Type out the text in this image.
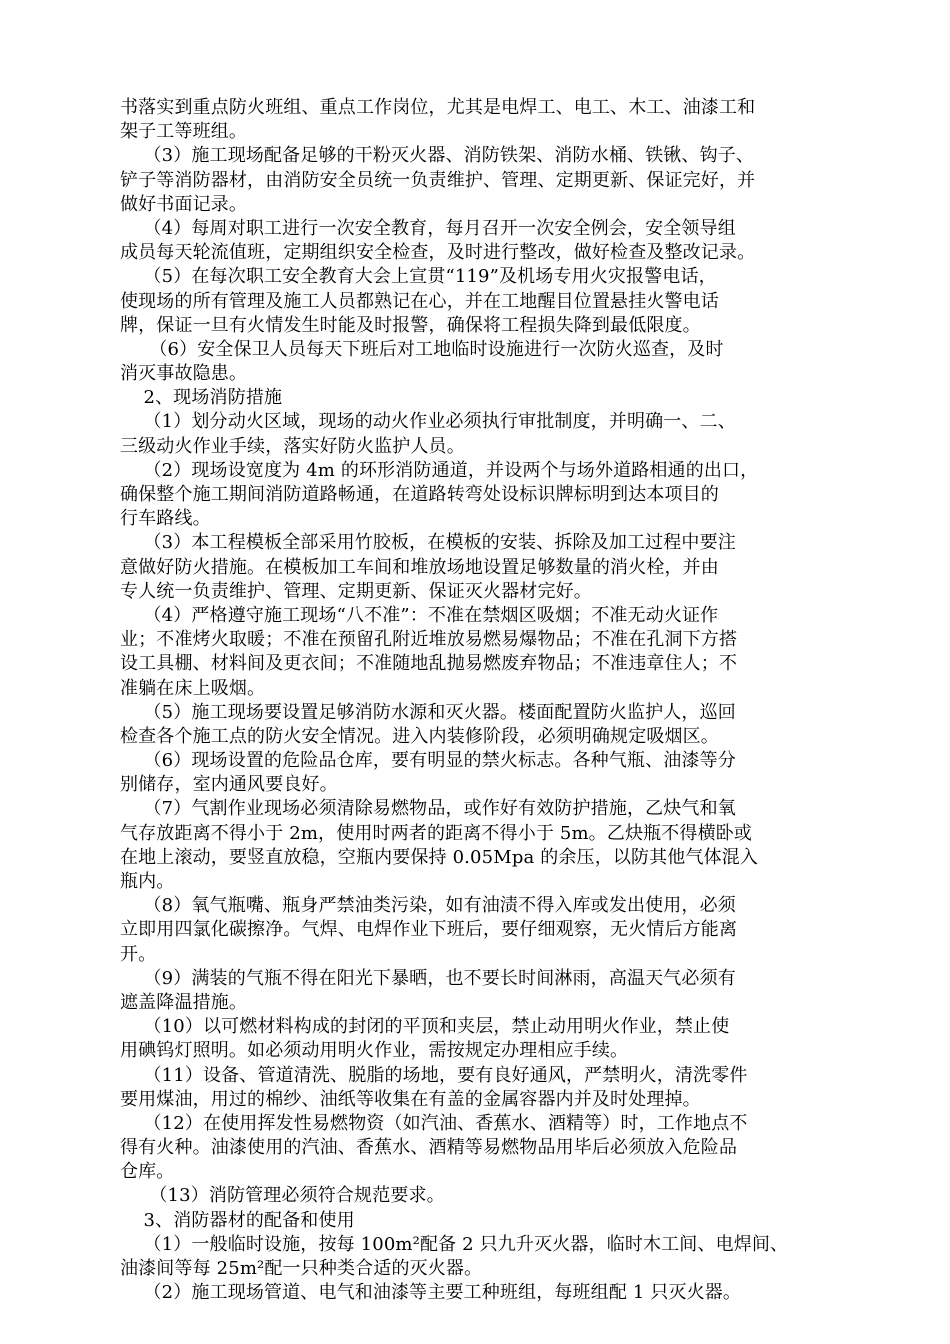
书落实到重点防火班组、重点工作岗位，尤其是电焊工、电工、木工、油漆工和
架子工等班组。
（3）施工现场配备足够的干粉灭火器、消防铁架、消防水桶、铁锹、钩子、
铲子等消防器材，由消防安全员统一负责维护、管理、定期更新、保证完好，并
做好书面记录。
（4）每周对职工进行一次安全教育，每月召开一次安全例会，安全领导组
成员每天轮流值班，定期组织安全检查，及时进行整改，做好检查及整改记录。
（5）在每次职工安全教育大会上宣贯“119”及机场专用火灾报警电话，
使现场的所有管理及施工人员都熟记在心，并在工地醒目位置悬挂火警电话
牌，保证一旦有火情发生时能及时报警，确保将工程损失降到最低限度。
（6）安全保卫人员每天下班后对工地临时设施进行一次防火巡查，及时
消灭事故隐患。
2、现场消防措施
（1）划分动火区域，现场的动火作业必须执行审批制度，并明确一、二、
三级动火作业手续，落实好防火监护人员。
（2）现场设宽度为 4m 的环形消防通道，并设两个与场外道路相通的出口，
确保整个施工期间消防道路畅通，在道路转弯处设标识牌标明到达本项目的
行车路线。
（3）本工程模板全部采用竹胶板，在模板的安装、拆除及加工过程中要注
意做好防火措施。在模板加工车间和堆放场地设置足够数量的消火栓，并由
专人统一负责维护、管理、定期更新、保证灭火器材完好。
（4）严格遵守施工现场“八不准”：不准在禁烟区吸烟；不准无动火证作
业；不准烤火取暖；不准在预留孔附近堆放易燃易爆物品；不准在孔洞下方搭
设工具棚、材料间及更衣间；不准随地乱抛易燃废弃物品；不准违章住人；不
准躺在床上吸烟。
（5）施工现场要设置足够消防水源和灭火器。楼面配置防火监护人，巡回
检查各个施工点的防火安全情况。进入内装修阶段，必须明确规定吸烟区。
（6）现场设置的危险品仓库，要有明显的禁火标志。各种气瓶、油漆等分
别储存，室内通风要良好。
（7）气割作业现场必须清除易燃物品，或作好有效防护措施，乙炔气和氧
气存放距离不得小于 2m，使用时两者的距离不得小于 5m。乙炔瓶不得横卧或
在地上滚动，要竖直放稳，空瓶内要保持 0.05Mpa 的余压，以防其他气体混入
瓶内。
（8）氧气瓶嘴、瓶身严禁油类污染，如有油渍不得入库或发出使用，必须
立即用四氯化碳擦净。气焊、电焊作业下班后，要仔细观察，无火情后方能离
开。
（9）满装的气瓶不得在阳光下暴晒，也不要长时间淋雨，高温天气必须有
遮盖降温措施。
（10）以可燃材料构成的封闭的平顶和夹层，禁止动用明火作业，禁止使
用碘钨灯照明。如必须动用明火作业，需按规定办理相应手续。
（11）设备、管道清洗、脱脂的场地，要有良好通风，严禁明火，清洗零件
要用煤油，用过的棉纱、油纸等收集在有盖的金属容器内并及时处理掉。
（12）在使用挥发性易燃物资（如汽油、香蕉水、酒精等）时，工作地点不
得有火种。油漆使用的汽油、香蕉水、酒精等易燃物品用毕后必须放入危险品
仓库。
（13）消防管理必须符合规范要求。
3、消防器材的配备和使用
（1）一般临时设施，按每 100m²配备 2 只九升灭火器，临时木工间、电焊间、
油漆间等每 25m²配一只种类合适的灭火器。
（2）施工现场管道、电气和油漆等主要工种班组，每班组配 1 只灭火器。
